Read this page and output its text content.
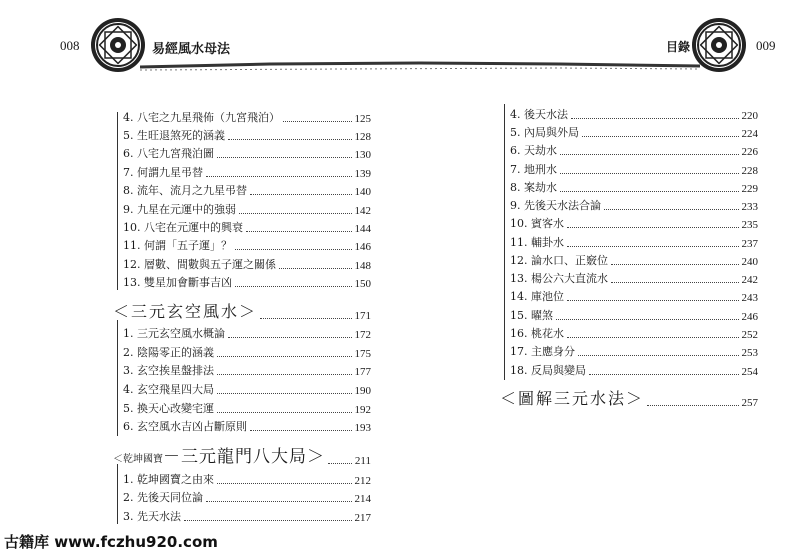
008	易經風水母法	目錄	009
4. 八宅之九星飛佈（九宮飛泊）	125
5. 生旺退煞死的涵義	128
6. 八宅九宮飛泊圖	130
7. 何謂九星弔替	139
8. 流年、流月之九星弔替	140
9. 九星在元運中的強弱	142
10. 八宅在元運中的興衰	144
11. 何謂「五子運」？	146
12. 層數、間數與五子運之關係	148
13. 雙星加會斷事吉凶	150
＜三元玄空風水＞	171
1. 三元玄空風水概論	172
2. 陰陽零正的涵義	175
3. 玄空挨星盤排法	177
4. 玄空飛星四大局	190
5. 換天心改變宅運	192
6. 玄空風水吉凶占斷原則	193
＜乾坤國寶－三元龍門八大局＞	211
1. 乾坤國寶之由來	212
2. 先後天同位論	214
3. 先天水法	217
4. 後天水法	220
5. 內局與外局	224
6. 天劫水	226
7. 地刑水	228
8. 案劫水	229
9. 先後天水法合論	233
10. 賓客水	235
11. 輔卦水	237
12. 論水口、正竅位	240
13. 楊公六大直流水	242
14. 庫池位	243
15. 曜煞	246
16. 桃花水	252
17. 主應身分	253
18. 反局與變局	254
＜圖解三元水法＞	257
古籍库 www.fczhu920.com
